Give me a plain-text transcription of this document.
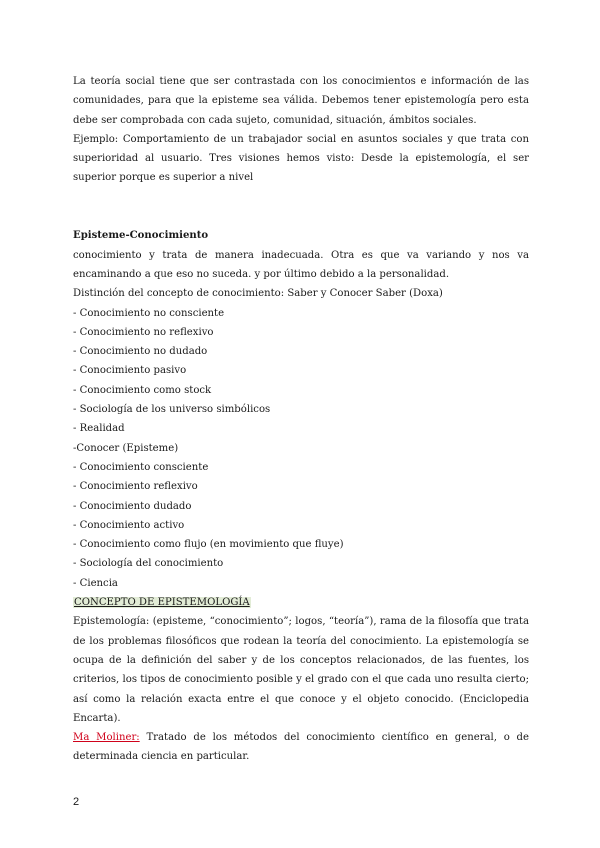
La teoría social tiene que ser contrastada con los conocimientos e información de las comunidades, para que la episteme sea válida. Debemos tener epistemología pero esta debe ser comprobada con cada sujeto, comunidad, situación, ámbitos sociales.

Ejemplo: Comportamiento de un trabajador social en asuntos sociales y que trata con superioridad al usuario. Tres visiones hemos visto: Desde la epistemología, el ser superior porque es superior a nivel

Episteme-Conocimiento

conocimiento y trata de manera inadecuada. Otra es que va variando y nos va encaminando a que eso no suceda. y por último debido a la personalidad.

Distinción del concepto de conocimiento: Saber y Conocer Saber (Doxa)

- Conocimiento no consciente

- Conocimiento no reflexivo

- Conocimiento no dudado

- Conocimiento pasivo

- Conocimiento como stock

- Sociología de los universo simbólicos

- Realidad

-Conocer (Episteme)

- Conocimiento consciente

- Conocimiento reflexivo

- Conocimiento dudado

- Conocimiento activo

- Conocimiento como flujo (en movimiento que fluye)

- Sociología del conocimiento

- Ciencia

CONCEPTO DE EPISTEMOLOGÍA

Epistemología: (episteme, “conocimiento”; logos, “teoría”), rama de la filosofía que trata de los problemas filosóficos que rodean la teoría del conocimiento. La epistemología se ocupa de la definición del saber y de los conceptos relacionados, de las fuentes, los criterios, los tipos de conocimiento posible y el grado con el que cada uno resulta cierto; así como la relación exacta entre el que conoce y el objeto conocido. (Enciclopedia Encarta).

Ma Moliner: Tratado de los métodos del conocimiento científico en general, o de determinada ciencia en particular.

2
